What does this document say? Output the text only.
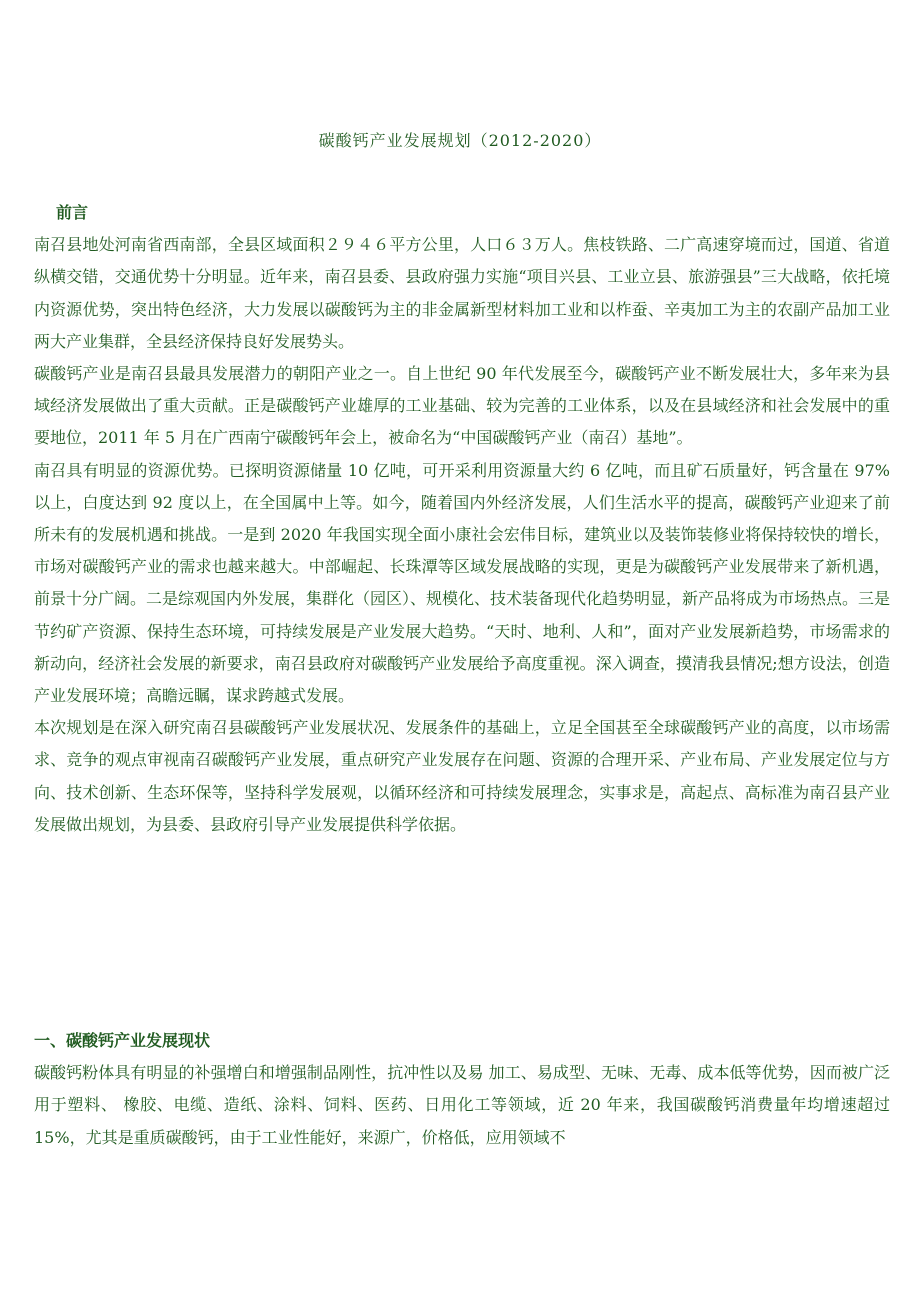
碳酸钙产业发展规划（2012-2020）

前言

南召县地处河南省西南部，全县区域面积２９４６平方公里，人口６３万人。焦枝铁路、二广高速穿境而过，国道、省道纵横交错，交通优势十分明显。近年来，南召县委、县政府强力实施“项目兴县、工业立县、旅游强县”三大战略，依托境内资源优势，突出特色经济，大力发展以碳酸钙为主的非金属新型材料加工业和以柞蚕、辛夷加工为主的农副产品加工业两大产业集群，全县经济保持良好发展势头。

碳酸钙产业是南召县最具发展潜力的朝阳产业之一。自上世纪 90 年代发展至今，碳酸钙产业不断发展壮大，多年来为县域经济发展做出了重大贡献。正是碳酸钙产业雄厚的工业基础、较为完善的工业体系，以及在县域经济和社会发展中的重要地位，2011 年 5 月在广西南宁碳酸钙年会上，被命名为“中国碳酸钙产业（南召）基地”。

南召具有明显的资源优势。已探明资源储量 10 亿吨，可开采利用资源量大约 6 亿吨，而且矿石质量好，钙含量在 97%以上，白度达到 92 度以上，在全国属中上等。如今，随着国内外经济发展，人们生活水平的提高，碳酸钙产业迎来了前所未有的发展机遇和挑战。一是到 2020 年我国实现全面小康社会宏伟目标，建筑业以及装饰装修业将保持较快的增长，市场对碳酸钙产业的需求也越来越大。中部崛起、长珠潭等区域发展战略的实现，更是为碳酸钙产业发展带来了新机遇，前景十分广阔。二是综观国内外发展，集群化（园区）、规模化、技术装备现代化趋势明显，新产品将成为市场热点。三是节约矿产资源、保持生态环境，可持续发展是产业发展大趋势。“天时、地利、人和”，面对产业发展新趋势，市场需求的新动向，经济社会发展的新要求，南召县政府对碳酸钙产业发展给予高度重视。深入调查，摸清我县情况;想方设法，创造产业发展环境；高瞻远瞩，谋求跨越式发展。

本次规划是在深入研究南召县碳酸钙产业发展状况、发展条件的基础上，立足全国甚至全球碳酸钙产业的高度，以市场需求、竞争的观点审视南召碳酸钙产业发展，重点研究产业发展存在问题、资源的合理开采、产业布局、产业发展定位与方向、技术创新、生态环保等，坚持科学发展观，以循环经济和可持续发展理念，实事求是，高起点、高标准为南召县产业发展做出规划，为县委、县政府引导产业发展提供科学依据。

一、碳酸钙产业发展现状

碳酸钙粉体具有明显的补强增白和增强制品刚性，抗冲性以及易 加工、易成型、无味、无毒、成本低等优势，因而被广泛用于塑料、 橡胶、电缆、造纸、涂料、饲料、医药、日用化工等领域，近 20 年来，我国碳酸钙消费量年均增速超过 15%，尤其是重质碳酸钙，由于工业性能好，来源广，价格低，应用领域不
